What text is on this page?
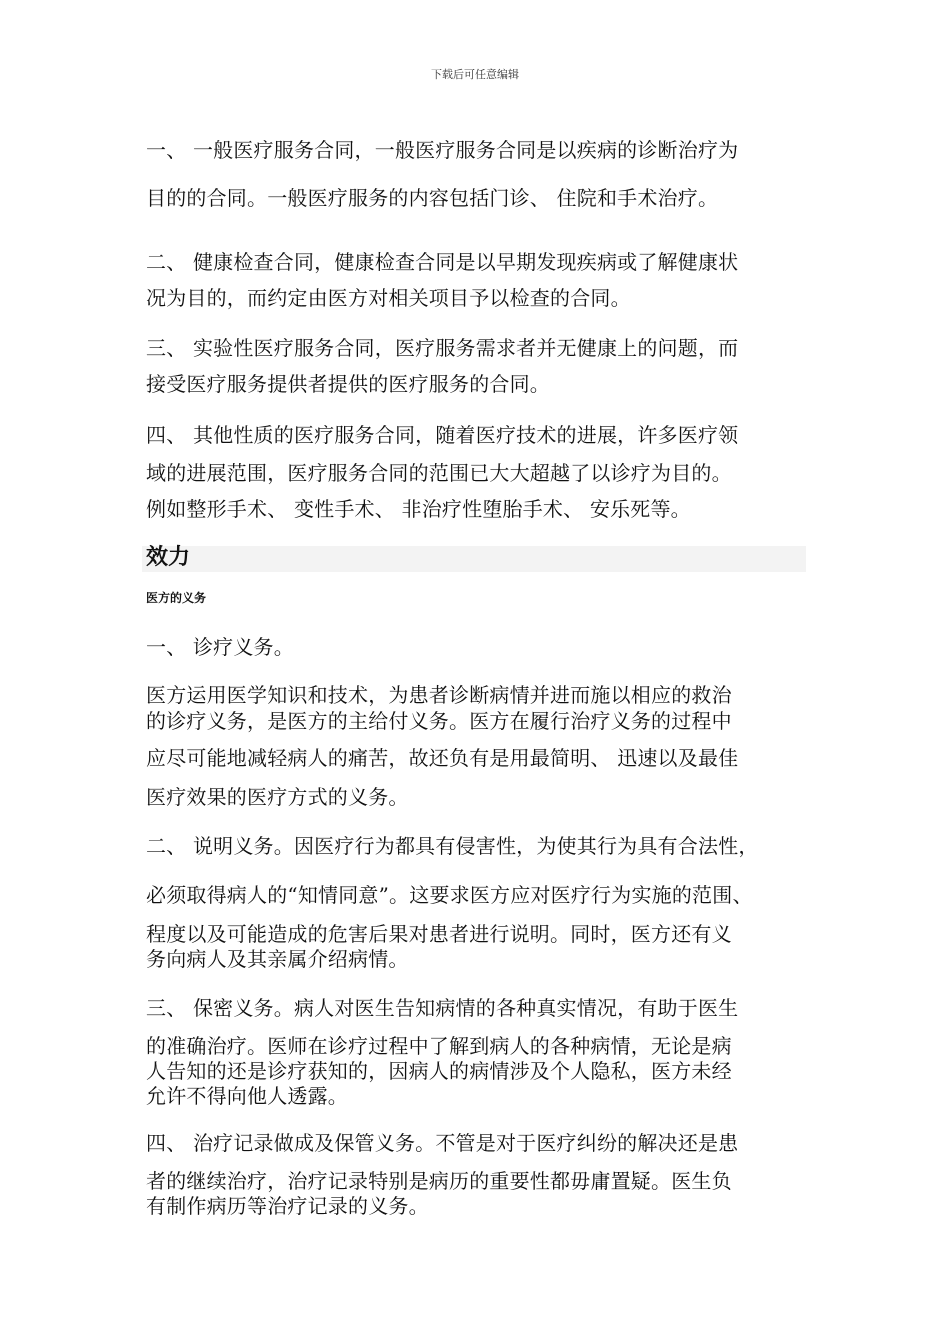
下载后可任意编辑
一、 一般医疗服务合同，一般医疗服务合同是以疾病的诊断治疗为
目的的合同。一般医疗服务的内容包括门诊、 住院和手术治疗。
二、 健康检查合同，健康检查合同是以早期发现疾病或了解健康状
况为目的，而约定由医方对相关项目予以检查的合同。
三、 实验性医疗服务合同，医疗服务需求者并无健康上的问题，而
接受医疗服务提供者提供的医疗服务的合同。
四、 其他性质的医疗服务合同，随着医疗技术的进展，许多医疗领
域的进展范围，医疗服务合同的范围已大大超越了以诊疗为目的。
例如整形手术、 变性手术、 非治疗性堕胎手术、 安乐死等。
效力
医方的义务
一、 诊疗义务。
医方运用医学知识和技术，为患者诊断病情并进而施以相应的救治
的诊疗义务，是医方的主给付义务。医方在履行治疗义务的过程中
应尽可能地减轻病人的痛苦，故还负有是用最简明、 迅速以及最佳
医疗效果的医疗方式的义务。
二、 说明义务。因医疗行为都具有侵害性，为使其行为具有合法性，
必须取得病人的“知情同意”。这要求医方应对医疗行为实施的范围、
程度以及可能造成的危害后果对患者进行说明。同时，医方还有义
务向病人及其亲属介绍病情。
三、 保密义务。病人对医生告知病情的各种真实情况，有助于医生
的准确治疗。医师在诊疗过程中了解到病人的各种病情，无论是病
人告知的还是诊疗获知的，因病人的病情涉及个人隐私，医方未经
允许不得向他人透露。
四、 治疗记录做成及保管义务。不管是对于医疗纠纷的解决还是患
者的继续治疗，治疗记录特别是病历的重要性都毋庸置疑。医生负
有制作病历等治疗记录的义务。
